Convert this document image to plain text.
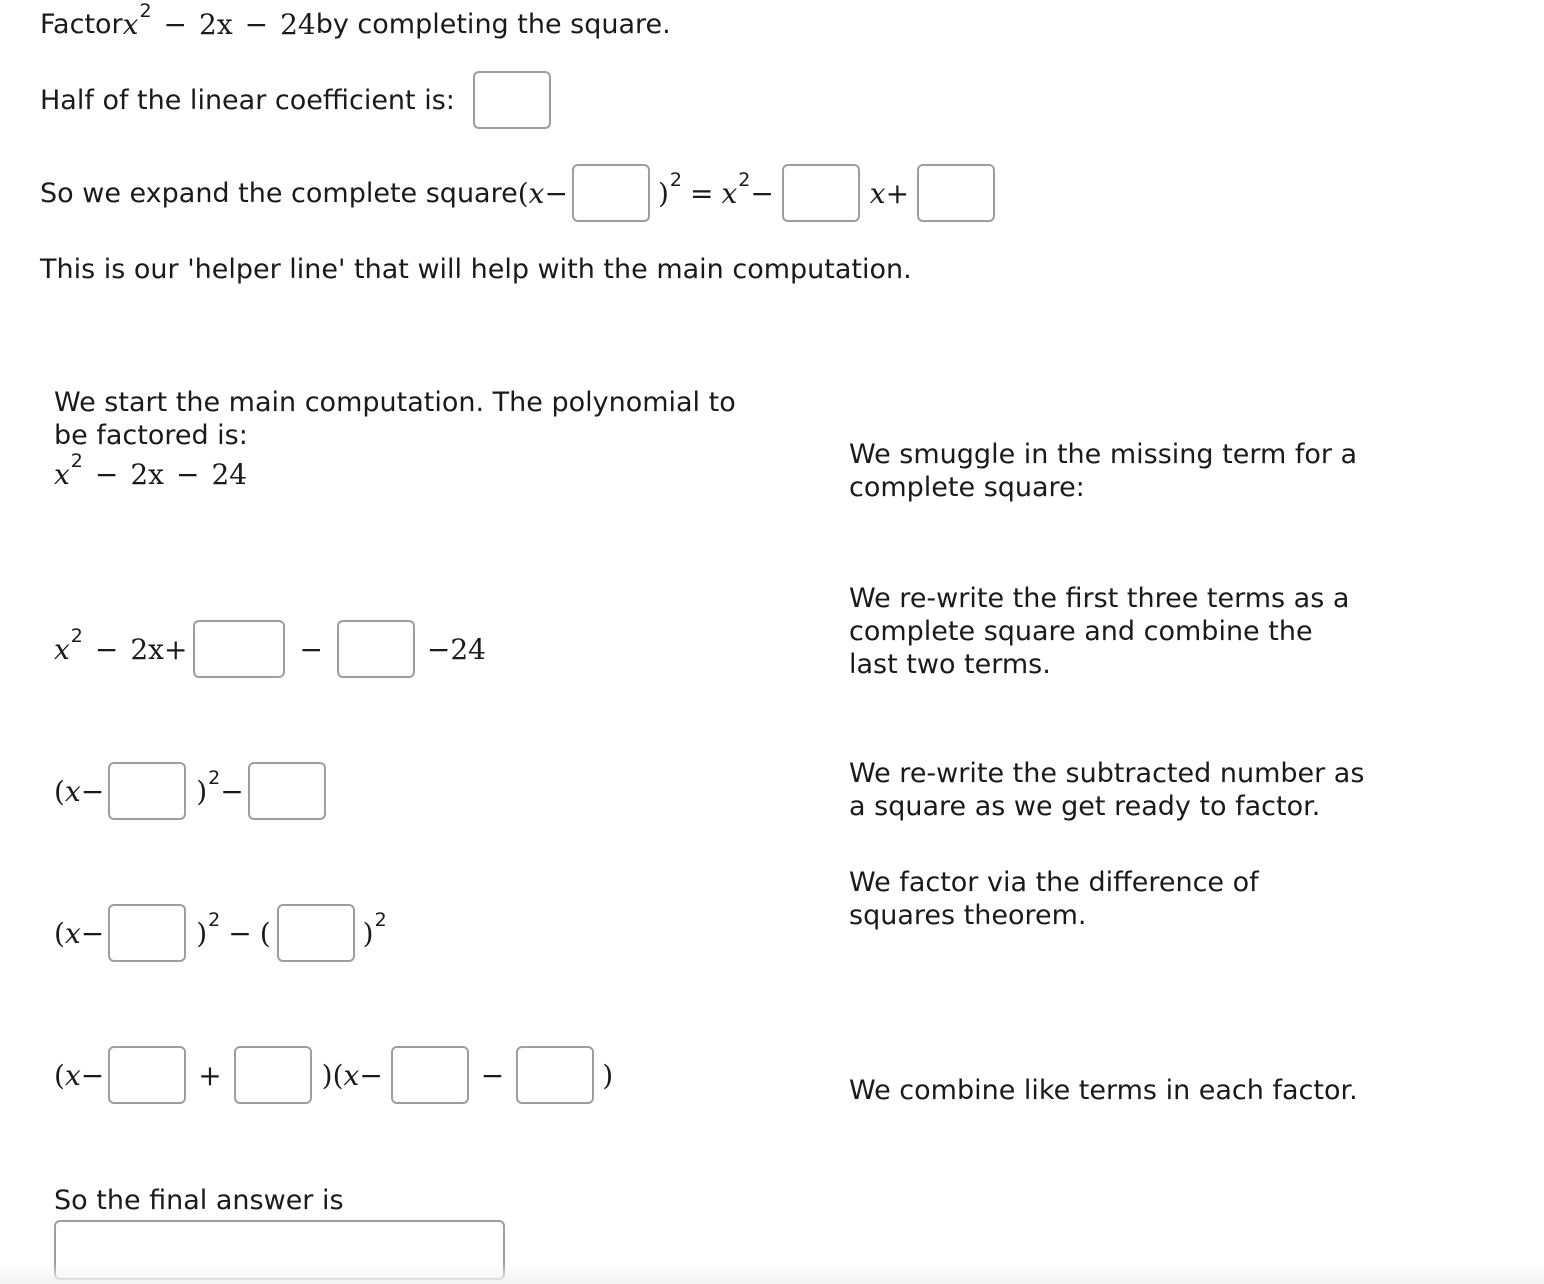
Factor x 2 − 2x − 24 by completing the square.
Half of the linear coefficient is:
So we expand the complete square ( x −	) 2 = x 2 −	x +
This is our 'helper line' that will help with the main computation.
We start the main computation. The polynomial to be factored is:
x 2 − 2x − 24
x 2 − 2x +	−	−24
( x −	) 2 −
( x −	) 2 − (	) 2
( x −	+	)( x −	−	)
So the final answer is
We smuggle in the missing term for a complete square:
We re-write the first three terms as a complete square and combine the last two terms.
We re-write the subtracted number as a square as we get ready to factor.
We factor via the difference of squares theorem.
We combine like terms in each factor.
